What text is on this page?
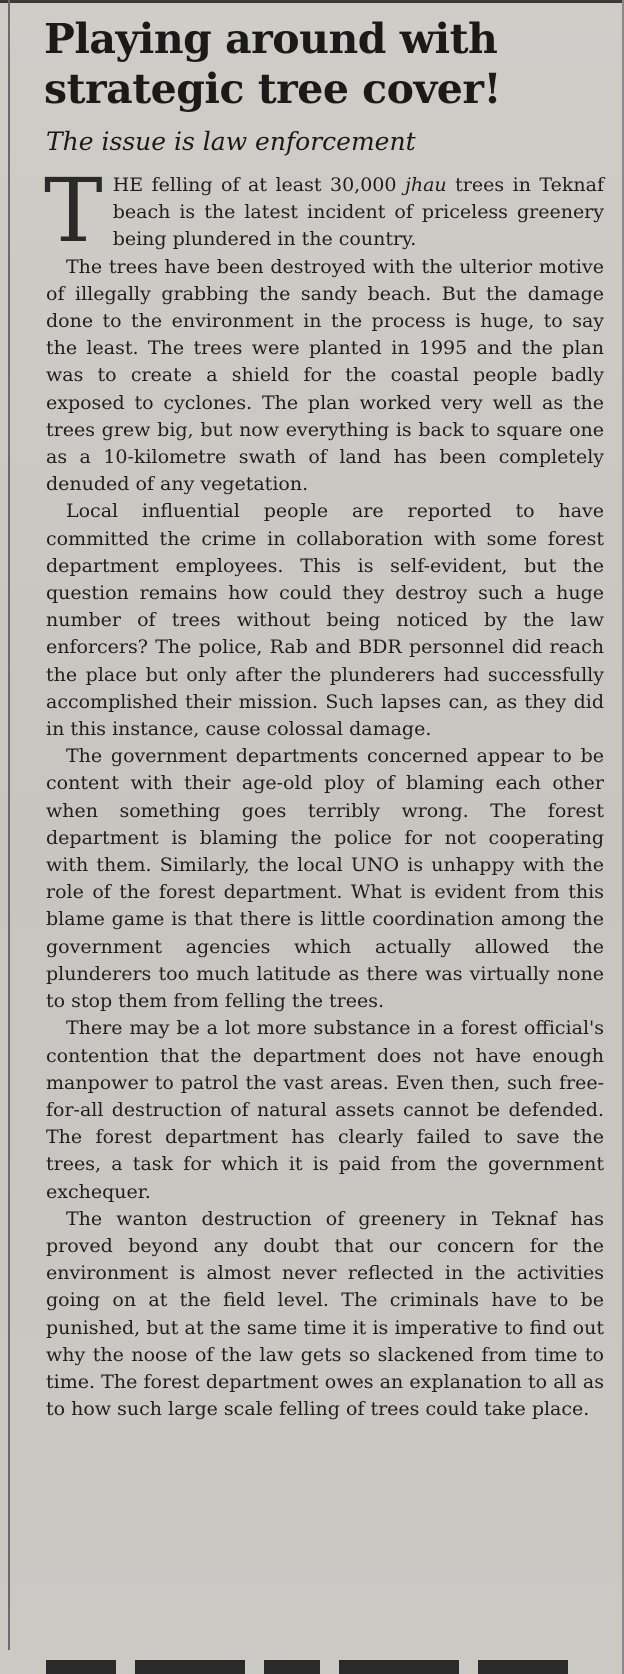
Playing around with
strategic tree cover!
The issue is law enforcement

THE felling of at least 30,000 jhau trees in Teknaf beach is the latest incident of priceless greenery being plundered in the country.

The trees have been destroyed with the ulterior motive of illegally grabbing the sandy beach. But the damage done to the environment in the process is huge, to say the least. The trees were planted in 1995 and the plan was to create a shield for the coastal people badly exposed to cyclones. The plan worked very well as the trees grew big, but now everything is back to square one as a 10-kilometre swath of land has been completely denuded of any vegetation.

Local influential people are reported to have committed the crime in collaboration with some forest department employees. This is self-evident, but the question remains how could they destroy such a huge number of trees without being noticed by the law enforcers? The police, Rab and BDR personnel did reach the place but only after the plunderers had successfully accomplished their mission. Such lapses can, as they did in this instance, cause colossal damage.

The government departments concerned appear to be content with their age-old ploy of blaming each other when something goes terribly wrong. The forest department is blaming the police for not cooperating with them. Similarly, the local UNO is unhappy with the role of the forest department. What is evident from this blame game is that there is little coordination among the government agencies which actually allowed the plunderers too much latitude as there was virtually none to stop them from felling the trees.

There may be a lot more substance in a forest official's contention that the department does not have enough manpower to patrol the vast areas. Even then, such free-for-all destruction of natural assets cannot be defended. The forest department has clearly failed to save the trees, a task for which it is paid from the government exchequer.

The wanton destruction of greenery in Teknaf has proved beyond any doubt that our concern for the environment is almost never reflected in the activities going on at the field level. The criminals have to be punished, but at the same time it is imperative to find out why the noose of the law gets so slackened from time to time. The forest department owes an explanation to all as to how such large scale felling of trees could take place.
